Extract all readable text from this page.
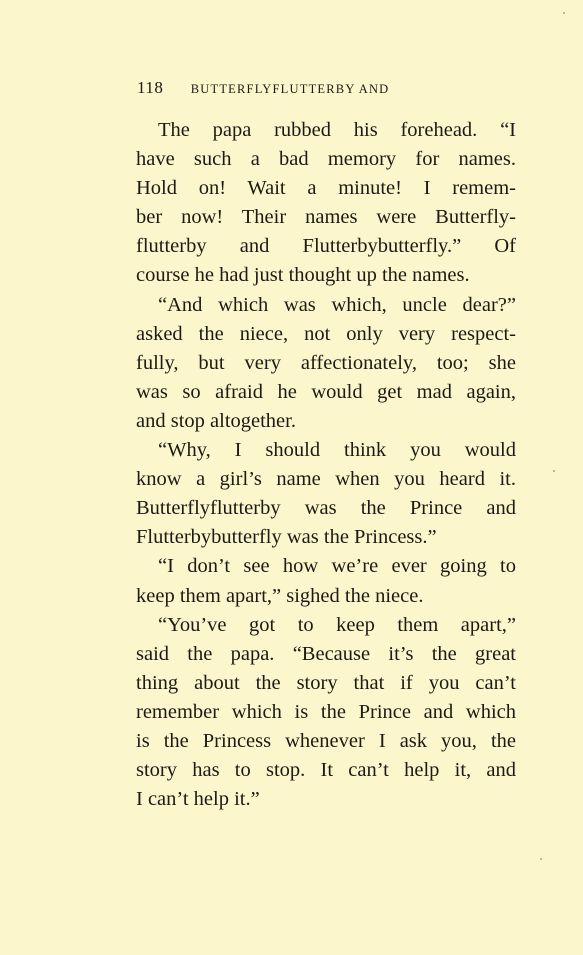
118 BUTTERFLYFLUTTERBY AND
The papa rubbed his forehead. “I
have such a bad memory for names.
Hold on! Wait a minute! I remem-
ber now! Their names were Butterfly-
flutterby and Flutterbybutterfly.” Of
course he had just thought up the names.
“And which was which, uncle dear?”
asked the niece, not only very respect-
fully, but very affectionately, too; she
was so afraid he would get mad again,
and stop altogether.
“Why, I should think you would
know a girl’s name when you heard it.
Butterflyflutterby was the Prince and
Flutterbybutterfly was the Princess.”
“I don’t see how we’re ever going to
keep them apart,” sighed the niece.
“You’ve got to keep them apart,”
said the papa. “Because it’s the great
thing about the story that if you can’t
remember which is the Prince and which
is the Princess whenever I ask you, the
story has to stop. It can’t help it, and
I can’t help it.”
